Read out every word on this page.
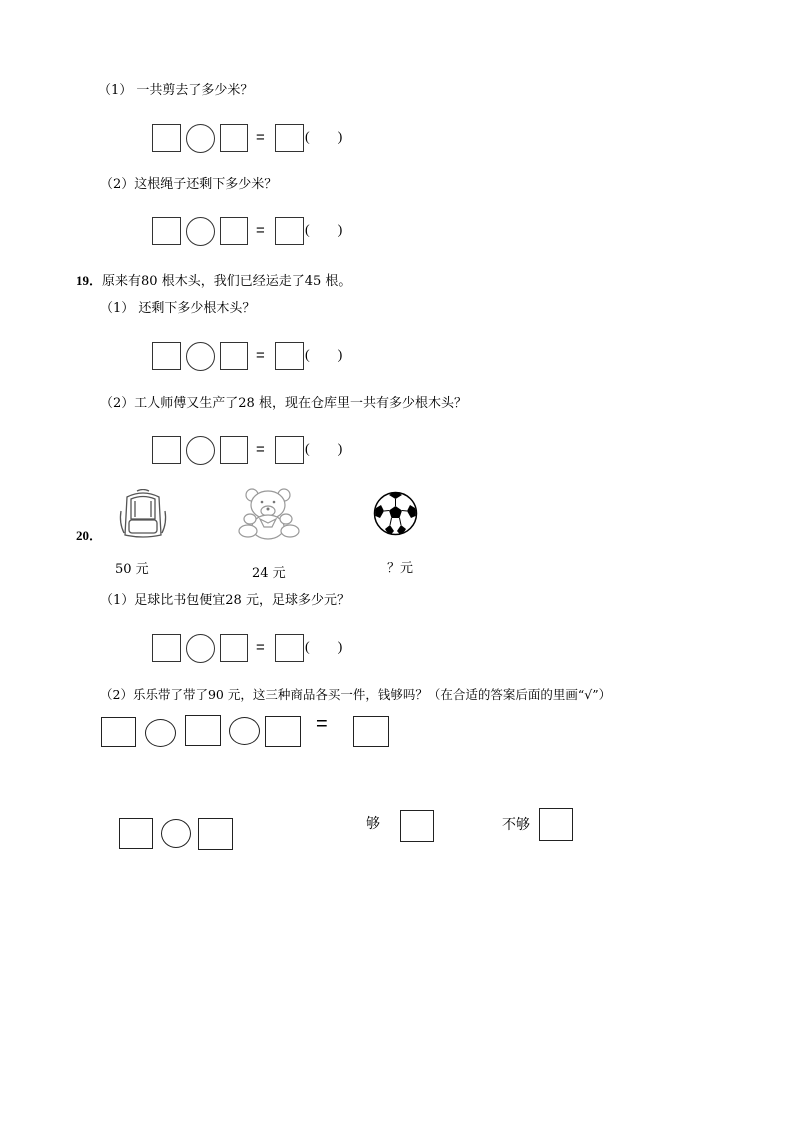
（1） 一共剪去了多少米？
=	(        )
（2）这根绳子还剩下多少米？
=	(        )
19．原来有80 根木头，我们已经运走了45 根。
（1） 还剩下多少根木头？
=	(        )
（2）工人师傅又生产了28 根，现在仓库里一共有多少根木头？
=	(        )
20．
50 元	24 元	？元
（1）足球比书包便宜28 元，足球多少元？
=	(        )
（2）乐乐带了带了90 元，这三种商品各买一件，钱够吗？（在合适的答案后面的里画“√”）
=
够	不够
